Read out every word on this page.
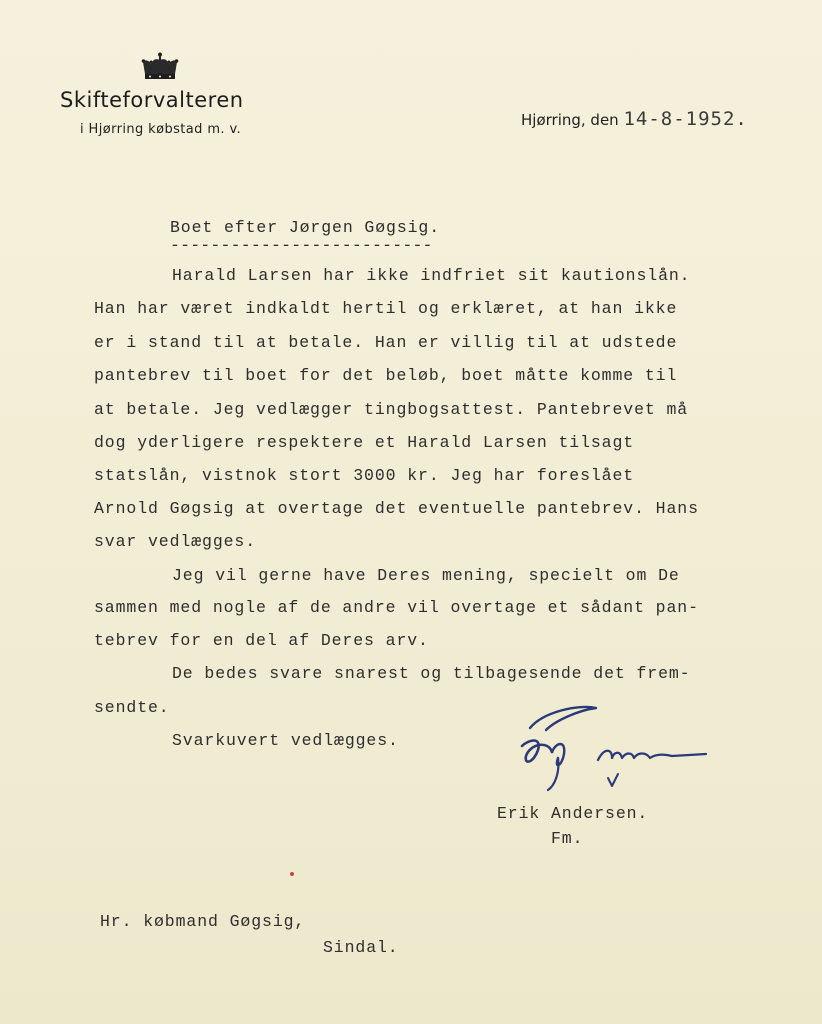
Skifteforvalteren
i Hjørring købstad m. v.
Hjørring, den 14-8-1952.
Boet efter Jørgen Gøgsig.
--------------------------
Harald Larsen har ikke indfriet sit kautionslån.
Han har været indkaldt hertil og erklæret, at han ikke
er i stand til at betale. Han er villig til at udstede
pantebrev til boet for det beløb, boet måtte komme til
at betale. Jeg vedlægger tingbogsattest. Pantebrevet må
dog yderligere respektere et Harald Larsen tilsagt
statslån, vistnok stort 3000 kr. Jeg har foreslået
Arnold Gøgsig at overtage det eventuelle pantebrev. Hans
svar vedlægges.
Jeg vil gerne have Deres mening, specielt om De
sammen med nogle af de andre vil overtage et sådant pan-
tebrev for en del af Deres arv.
De bedes svare snarest og tilbagesende det frem-
sendte.
Svarkuvert vedlægges.
Erik Andersen.
Fm.
Hr. købmand Gøgsig,
Sindal.
